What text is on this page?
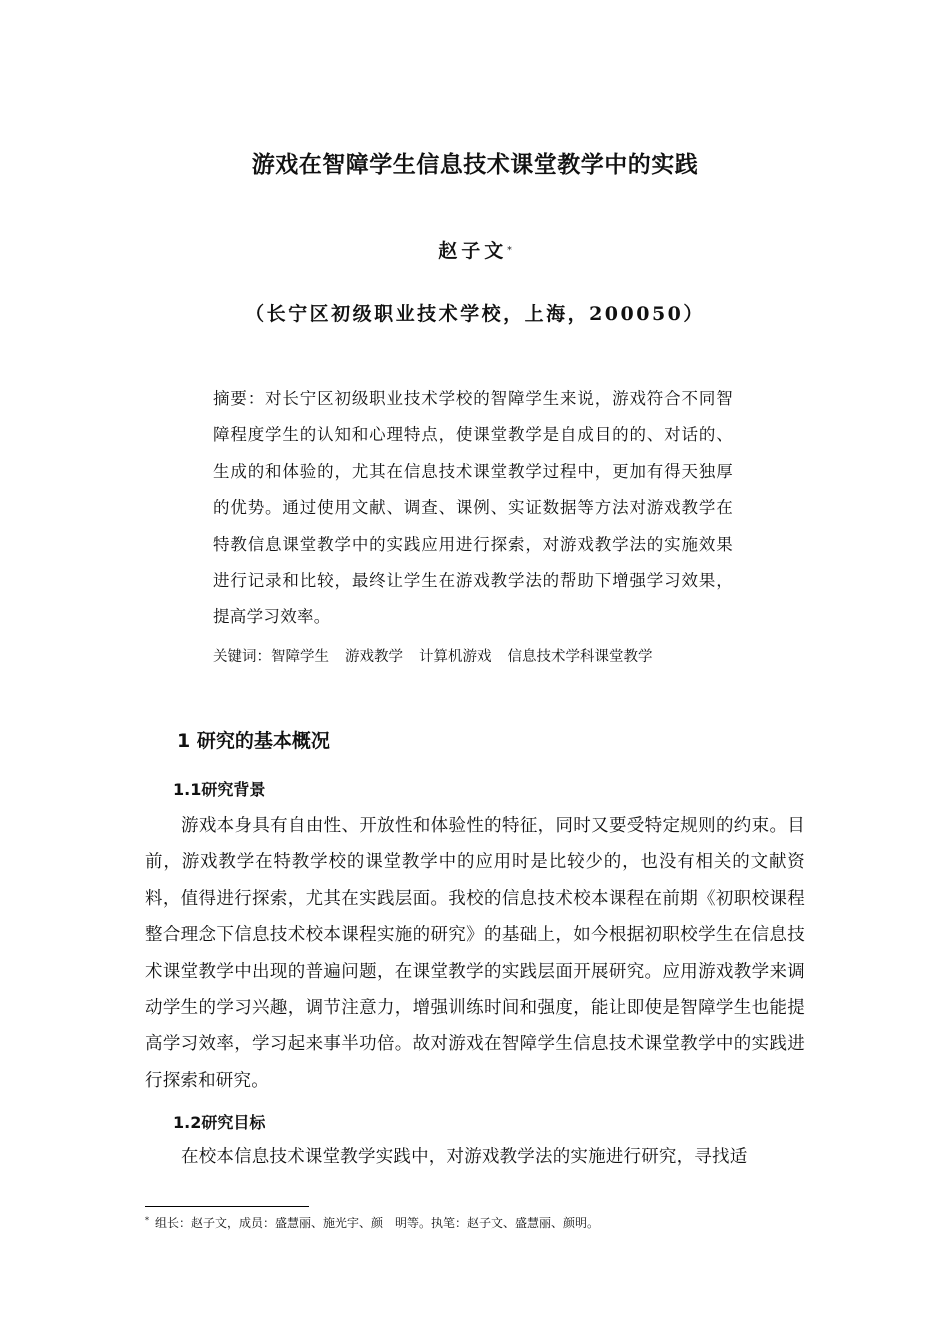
游戏在智障学生信息技术课堂教学中的实践
赵子文*
（长宁区初级职业技术学校，上海，200050）
摘要：对长宁区初级职业技术学校的智障学生来说，游戏符合不同智障程度学生的认知和心理特点，使课堂教学是自成目的的、对话的、生成的和体验的，尤其在信息技术课堂教学过程中，更加有得天独厚的优势。通过使用文献、调查、课例、实证数据等方法对游戏教学在特教信息课堂教学中的实践应用进行探索，对游戏教学法的实施效果进行记录和比较，最终让学生在游戏教学法的帮助下增强学习效果，提高学习效率。
关键词：智障学生 游戏教学 计算机游戏 信息技术学科课堂教学
1 研究的基本概况
1.1研究背景
游戏本身具有自由性、开放性和体验性的特征，同时又要受特定规则的约束。目前，游戏教学在特教学校的课堂教学中的应用时是比较少的，也没有相关的文献资料，值得进行探索，尤其在实践层面。我校的信息技术校本课程在前期《初职校课程整合理念下信息技术校本课程实施的研究》的基础上，如今根据初职校学生在信息技术课堂教学中出现的普遍问题，在课堂教学的实践层面开展研究。应用游戏教学来调动学生的学习兴趣，调节注意力，增强训练时间和强度，能让即使是智障学生也能提高学习效率，学习起来事半功倍。故对游戏在智障学生信息技术课堂教学中的实践进行探索和研究。
1.2研究目标
在校本信息技术课堂教学实践中，对游戏教学法的实施进行研究，寻找适
* 组长：赵子文，成员：盛慧丽、施光宇、颜　明等。执笔：赵子文、盛慧丽、颜明。
